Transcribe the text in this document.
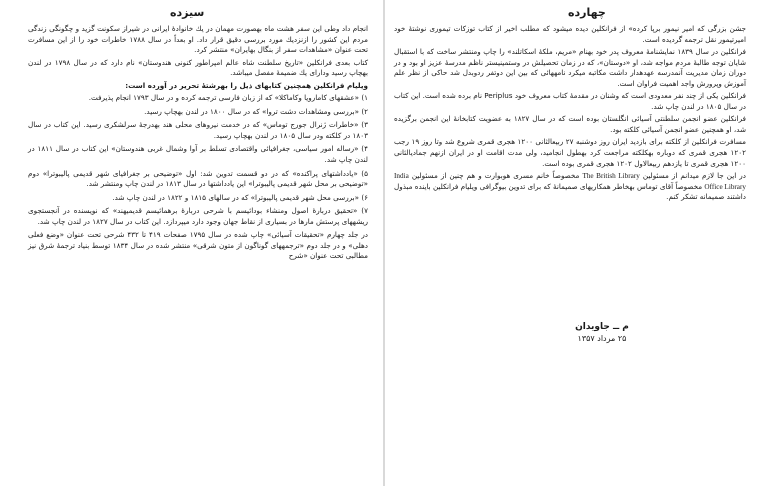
سیزده

انجام داد وطی این سفر هشت ماه بهصورت مهمان در یك خانوادهٔ ایرانی در شیراز سکونت گزید و چگونگی زندگی مردم این کشور را ازنزدیك مورد بررسی دقیق قرار داد. او بعداً در سال ۱۷۸۸ خاطرات خود را از این مسافرت تحت عنوان «مشاهدات سفر از بنگال بهایران» منتشر کرد.

کتاب بعدی فرانکلین «تاریخ سلطنت شاه عالم امپراطور کنونی هندوستان» نام دارد که در سال ۱۷۹۸ در لندن بهچاپ رسید ودارای یك ضمیمهٔ مفصل میباشد.

ویلیام فرانکلین همچنین کتابهای ذیل را بهرشتهٔ تحریر در آورده است:

۱) «عشقهای کامارویا وکاماکلا» که از زبان فارسی ترجمه کرده و در سال ۱۷۹۳ انجام پذیرفت.

۲) «بررسی ومشاهدات دشت تروا» که در سال ۱۸۰۰ در لندن بهچاپ رسید.

۳) «خاطرات ژنرال جورج توماس» که در خدمت نیروهای محلی هند بهدرجهٔ سرلشکری رسید. این کتاب در سال ۱۸۰۳ در کلکته ودر سال ۱۸۰۵ در لندن بهچاپ رسید.

۴) «رساله امور سیاسی، جغرافیائی واقتصادی تسلط بر آوا وشمال غربی هندوستان» این کتاب در سال ۱۸۱۱ در لندن چاپ شد.

۵) «یادداشتهای پراکنده» که در دو قسمت تدوین شد: اول «توضیحی بر جغرافیای شهر قدیمی پالیبوترا» دوم «توضیحی بر محل شهر قدیمی پالیبوترا» این یادداشتها در سال ۱۸۱۳ در لندن چاپ ومنتشر شد.

۶) «بررسی محل شهر قدیمی پالیبوترا» که در سالهای ۱۸۱۵ و ۱۸۲۲ در لندن چاپ شد.

۷) «تحقیق دربارهٔ اصول ومنشاء بودائیسم با شرحی دربارهٔ برهمائیسم قدیمیهند» که نویسنده در آنجستجوی ریشههای پرستش مارها در بسیاری از نقاط جهان وجود دارد میپردازد. این کتاب در سال ۱۸۲۷ در لندن چاپ شد.

در جلد چهارم «تحقیقات آسیائی» چاپ شده در سال ۱۷۹۵ صفحات ۴۱۹ تا ۴۳۲ شرحی تحت عنوان «وضع فعلی دهلی» و در جلد دوم «ترجمههای گوناگون از متون شرقی» منتشر شده در سال ۱۸۳۴ توسط بنیاد ترجمهٔ شرق نیز مطالبی تحت عنوان «شرح

چهارده

جشن بزرگی که امیر نیمور برپا کرده» از فرانکلین دیده میشود که مطلب اخیر از کتاب توزکات تیموری نوشتهٔ خود امیرتیمور نقل ترجمه گردیده است.

فرانکلین در سال ۱۸۳۹ نمایشنامهٔ معروف پدر خود بهنام «مریم، ملکهٔ اسکاتلند» را چاپ ومنتشر ساخت که با استقبال شایان توجه طالبهٔ مردم مواجه شد، او «دوستان»، که در زمان تحصیلش در وستمینیستر ناظم مدرسهٔ عزیز او بود و در دوران زمان مدیریت آنمدرسه عهدهدار داشت مکاتبه میکرد نامههائی که بین این دوتفر ردوبدل شد حاکی از نظر علم آموزش وپرورش واجد اهمیت فراوان است.

فرانکلین یکی از چند نفر معدودی است که وشنان در مقدمهٔ کتاب معروف خود Periplus نام برده شده است. این کتاب در سال ۱۸۰۵ در لندن چاپ شد.

فرانکلین عضو انجمن سلطنتی آسیائی انگلستان بوده است که در سال ۱۸۲۷ به عضویت کتابخانهٔ این انجمن برگزیده شد، او همچنین عضو انجمن آسیائی کلکته بود.

مسافرت فرانکلین از کلکته برای بازدید ایران روز دوشنبه ۲۷ ربیعالثانی ۱۲۰۰ هجری قمری شروع شد وتا روز ۱۹ رجب ۱۲۰۲ هجری قمری که دوباره بهکلکته مراجعت کرد بهطول انجامید، ولی مدت اقامت او در ایران ازنهم جمادیالثانی ۱۲۰۰ هجری قمری تا یازدهم ربیعالاول ۱۲۰۲ هجری قمری بوده است.

در این جا لازم میدانم از مسئولین The British Library مخصوصاً خانم مسری هوبوارت و هم چنین از مسئولین India Office Library مخصوصاً آقای توماس بهخاطر همکاریهای صمیمانهٔ که برای تدوین بیوگرافی ویلیام فرانکلین باینده مبذول داشتند صمیمانه تشکر کنم.

م ــ جاویدان
۲۵ مرداد ۱۳۵۷
